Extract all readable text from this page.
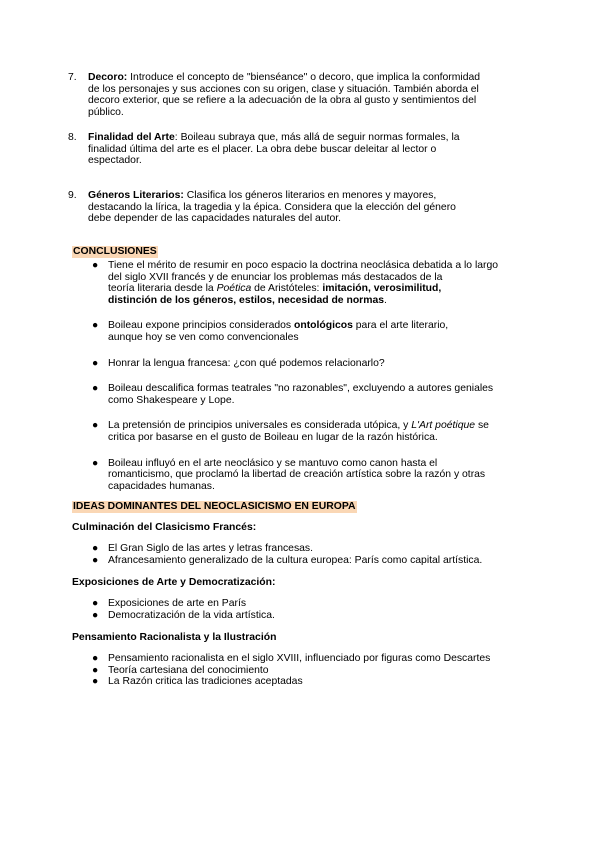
7. Decoro: Introduce el concepto de "bienséance" o decoro, que implica la conformidad

de los personajes y sus acciones con su origen, clase y situación. También aborda el

decoro exterior, que se refiere a la adecuación de la obra al gusto y sentimientos del

público.

8. Finalidad del Arte: Boileau subraya que, más allá de seguir normas formales, la

finalidad última del arte es el placer. La obra debe buscar deleitar al lector o

espectador.

9. Géneros Literarios: Clasifica los géneros literarios en menores y mayores,

destacando la lírica, la tragedia y la épica. Considera que la elección del género

debe depender de las capacidades naturales del autor.

CONCLUSIONES
● Tiene el mérito de resumir en poco espacio la doctrina neoclásica debatida a lo largo
del siglo XVII francés y de enunciar los problemas más destacados de la
teoría literaria desde la Poética de Aristóteles: imitación, verosimilitud,
distinción de los géneros, estilos, necesidad de normas.
● Boileau expone principios considerados ontológicos para el arte literario,
aunque hoy se ven como convencionales
● Honrar la lengua francesa: ¿con qué podemos relacionarlo?
● Boileau descalifica formas teatrales "no razonables", excluyendo a autores geniales
como Shakespeare y Lope.
● La pretensión de principios universales es considerada utópica, y L'Art poétique se
critica por basarse en el gusto de Boileau en lugar de la razón histórica.
● Boileau influyó en el arte neoclásico y se mantuvo como canon hasta el
romanticismo, que proclamó la libertad de creación artística sobre la razón y otras
capacidades humanas.
IDEAS DOMINANTES DEL NEOCLASICISMO EN EUROPA
Culminación del Clasicismo Francés:
● El Gran Siglo de las artes y letras francesas.
● Afrancesamiento generalizado de la cultura europea: París como capital artística.
Exposiciones de Arte y Democratización:
● Exposiciones de arte en París
● Democratización de la vida artística.
Pensamiento Racionalista y la Ilustración
● Pensamiento racionalista en el siglo XVIII, influenciado por figuras como Descartes
● Teoría cartesiana del conocimiento
● La Razón critica las tradiciones aceptadas
